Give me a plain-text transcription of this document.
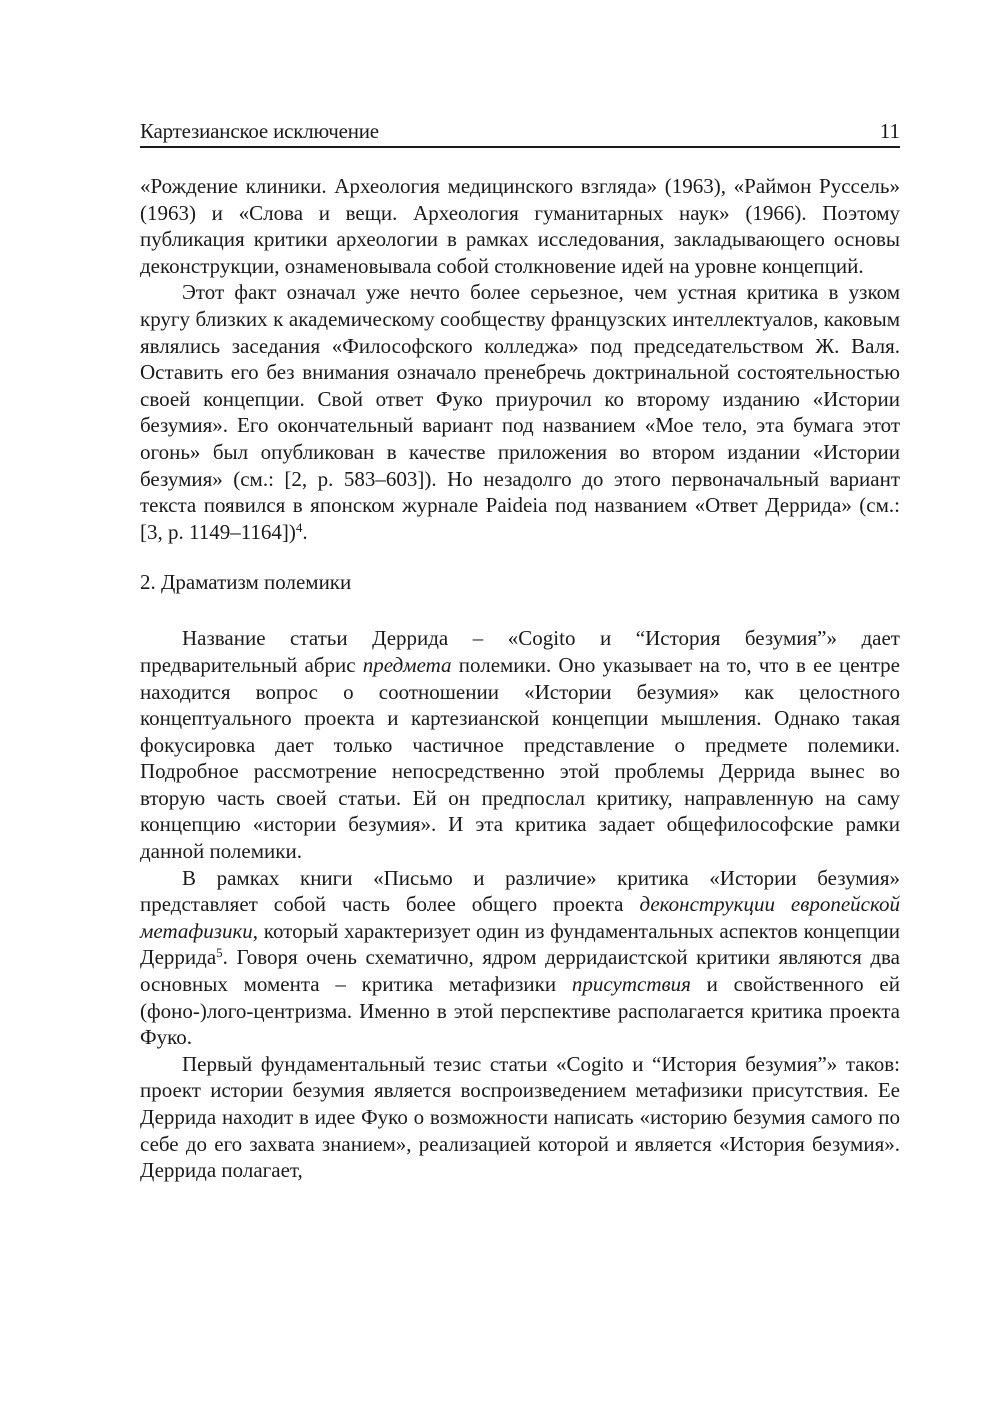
Картезианское исключение	11

«Рождение клиники. Археология медицинского взгляда» (1963), «Раймон Руссель» (1963) и «Слова и вещи. Археология гуманитарных наук» (1966). Поэтому публикация критики археологии в рамках исследования, закладывающего основы деконструкции, ознаменовывала собой столкновение идей на уровне концепций.

Этот факт означал уже нечто более серьезное, чем устная критика в узком кругу близких к академическому сообществу французских интеллектуалов, каковым являлись заседания «Философского колледжа» под председательством Ж. Валя. Оставить его без внимания означало пренебречь доктринальной состоятельностью своей концепции. Свой ответ Фуко приурочил ко второму изданию «Истории безумия». Его окончательный вариант под названием «Мое тело, эта бумага этот огонь» был опубликован в качестве приложения во втором издании «Истории безумия» (см.: [2, р. 583–603]). Но незадолго до этого первоначальный вариант текста появился в японском журнале Paideia под названием «Ответ Деррида» (см.: [3, р. 1149–1164])$^4$.

2. Драматизм полемики

Название статьи Деррида – «Cogito и “История безумия”» дает предварительный абрис предмета полемики. Оно указывает на то, что в ее центре находится вопрос о соотношении «Истории безумия» как целостного концептуального проекта и картезианской концепции мышления. Однако такая фокусировка дает только частичное представление о предмете полемики. Подробное рассмотрение непосредственно этой проблемы Деррида вынес во вторую часть своей статьи. Ей он предпослал критику, направленную на саму концепцию «истории безумия». И эта критика задает общефилософские рамки данной полемики.

В рамках книги «Письмо и различие» критика «Истории безумия» представляет собой часть более общего проекта деконструкции европейской метафизики, который характеризует один из фундаментальных аспектов концепции Деррида$^5$. Говоря очень схематично, ядром дерридаистской критики являются два основных момента – критика метафизики присутствия и свойственного ей (фоно-)лого-центризма. Именно в этой перспективе располагается критика проекта Фуко.

Первый фундаментальный тезис статьи «Cogito и “История безумия”» таков: проект истории безумия является воспроизведением метафизики присутствия. Ее Деррида находит в идее Фуко о возможности написать «историю безумия самого по себе до его захвата знанием», реализацией которой и является «История безумия». Деррида полагает,
